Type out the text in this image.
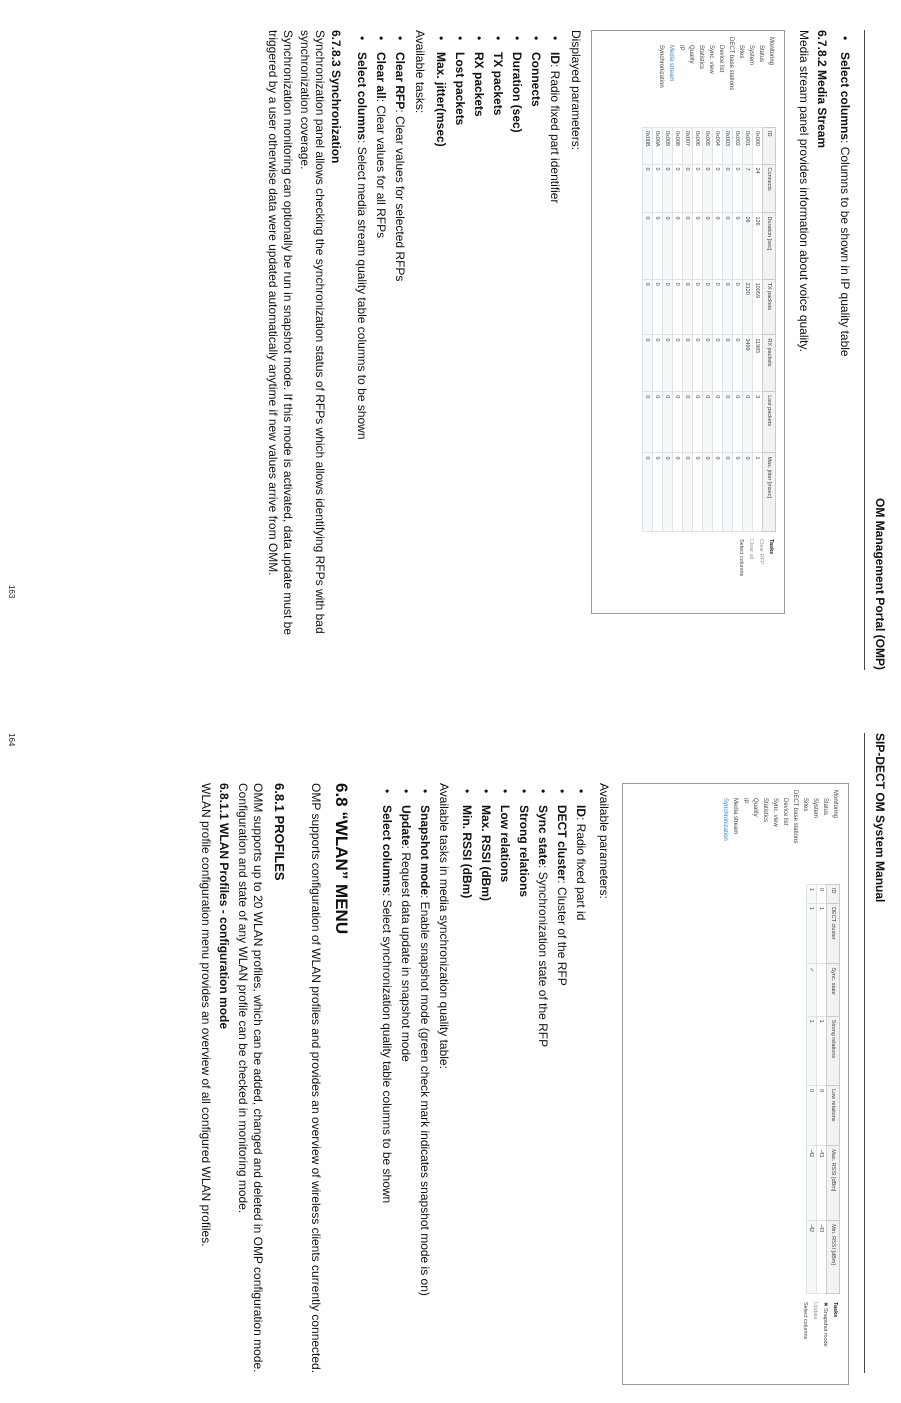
OM Management Portal (OMP)
• Select columns: Columns to be shown in IP quality table
6.7.8.2 Media Stream
Media stream panel provides information about voice quality.
Monitoring
Status
System
Sites
DECT base stations
Device list
Sync. view
Statistics
Quality
IP
Media stream
Synchronization
ID	Connects	Duration [sec]	TX packets	RX packets	Lost packets	Max. jitter [msec]
0x000	24	126	10059	11985	3	1
0x001	7	26	2120	3499	0	0
0x002	0	0	0	0	0	0
0x003	0	0	0	0	0	0
0x004	0	0	0	0	0	0
0x005	0	0	0	0	0	0
0x006	0	0	0	0	0	0
0x007	0	0	0	0	0	0
0x008	0	0	0	0	0	0
0x009	0	0	0	0	0	0
0x00A	0	0	0	0	0	0
0x00B	0	0	0	0	0	0
Tasks
Clear RFP
Clear all
Select columns
Displayed parameters:
• ID: Radio fixed part identifier
• Connects
• Duration (sec)
• TX packets
• RX packets
• Lost packets
• Max. jitter(msec)
Available tasks:
• Clear RFP: Clear values for selected RFPs
• Clear all: Clear values for all RFPs
• Select columns: Select media stream quality table columns to be shown
6.7.8.3 Synchronization
Synchronization panel allows checking the synchronization status of RFPs which allows identifying RFPs with bad synchronization coverage.
Synchronization monitoring can optionally be run in snapshot mode. If this mode is activated, data update must be triggered by a user otherwise data were updated automatically anytime if new values arrive from OMM.
163
SIP-DECT OM System Manual
164
Monitoring
Status
System
Sites
DECT base stations
Device list
Sync. view
Statistics
Quality
IP
Media stream
Synchronization
ID	DECT cluster	Sync. state	Strong relations	Low relations	Max. RSSI [dBm]	Min. RSSI [dBm]
0	1		1	0	-43	-43
1	1	✓	1	0	-42	-42
Tasks
✖ Snapshot mode
Update
Select columns
Available parameters:
• ID: Radio fixed part id
• DECT cluster: Cluster of the RFP
• Sync state: Synchronization state of the RFP
• Strong relations
• Low relations
• Max. RSSI (dBm)
• Min. RSSI (dBm)
Available tasks in media synchronization quality table:
• Snapshot mode: Enable snapshot mode (green check mark indicates snapshot mode is on)
• Update: Request data update in snapshot mode
• Select columns: Select synchronization quality table columns to be shown
6.8 “WLAN” MENU
OMP supports configuration of WLAN profiles and provides an overview of wireless clients currently connected.
6.8.1 PROFILES
OMM supports up to 20 WLAN profiles, which can be added, changed and deleted in OMP configuration mode. Configuration and state of any WLAN profile can be checked in monitoring mode.
6.8.1.1 WLAN Profiles - configuration mode
WLAN profile configuration menu provides an overview of all configured WLAN profiles.
